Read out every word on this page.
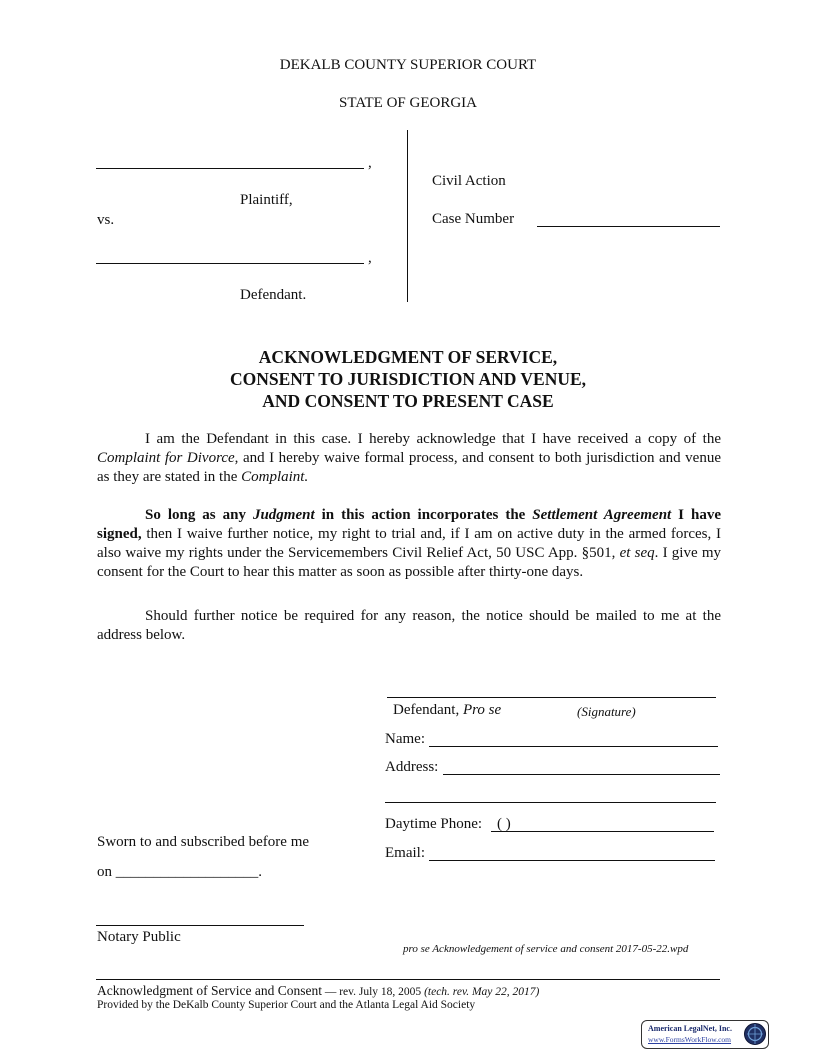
DEKALB COUNTY SUPERIOR COURT
STATE OF GEORGIA
,
Plaintiff,
vs.
,
Defendant.
Civil Action
Case Number
ACKNOWLEDGMENT OF SERVICE,
CONSENT TO JURISDICTION AND VENUE,
AND CONSENT TO PRESENT CASE

I am the Defendant in this case. I hereby acknowledge that I have received a copy of the Complaint for Divorce, and I hereby waive formal process, and consent to both jurisdiction and venue as they are stated in the Complaint.

So long as any Judgment in this action incorporates the Settlement Agreement I have signed, then I waive further notice, my right to trial and, if I am on active duty in the armed forces, I also waive my rights under the Servicemembers Civil Relief Act, 50 USC App. §501, et seq. I give my consent for the Court to hear this matter as soon as possible after thirty-one days.

Should further notice be required for any reason, the notice should be mailed to me at the address below.

Defendant, Pro se	(Signature)
Name:
Address:
Daytime Phone: ( )
Email:
Sworn to and subscribed before me
on ___________________.
Notary Public
pro se Acknowledgement of service and consent 2017-05-22.wpd
Acknowledgment of Service and Consent — rev. July 18, 2005 (tech. rev. May 22, 2017)
Provided by the DeKalb County Superior Court and the Atlanta Legal Aid Society
American LegalNet, Inc.
www.FormsWorkFlow.com
